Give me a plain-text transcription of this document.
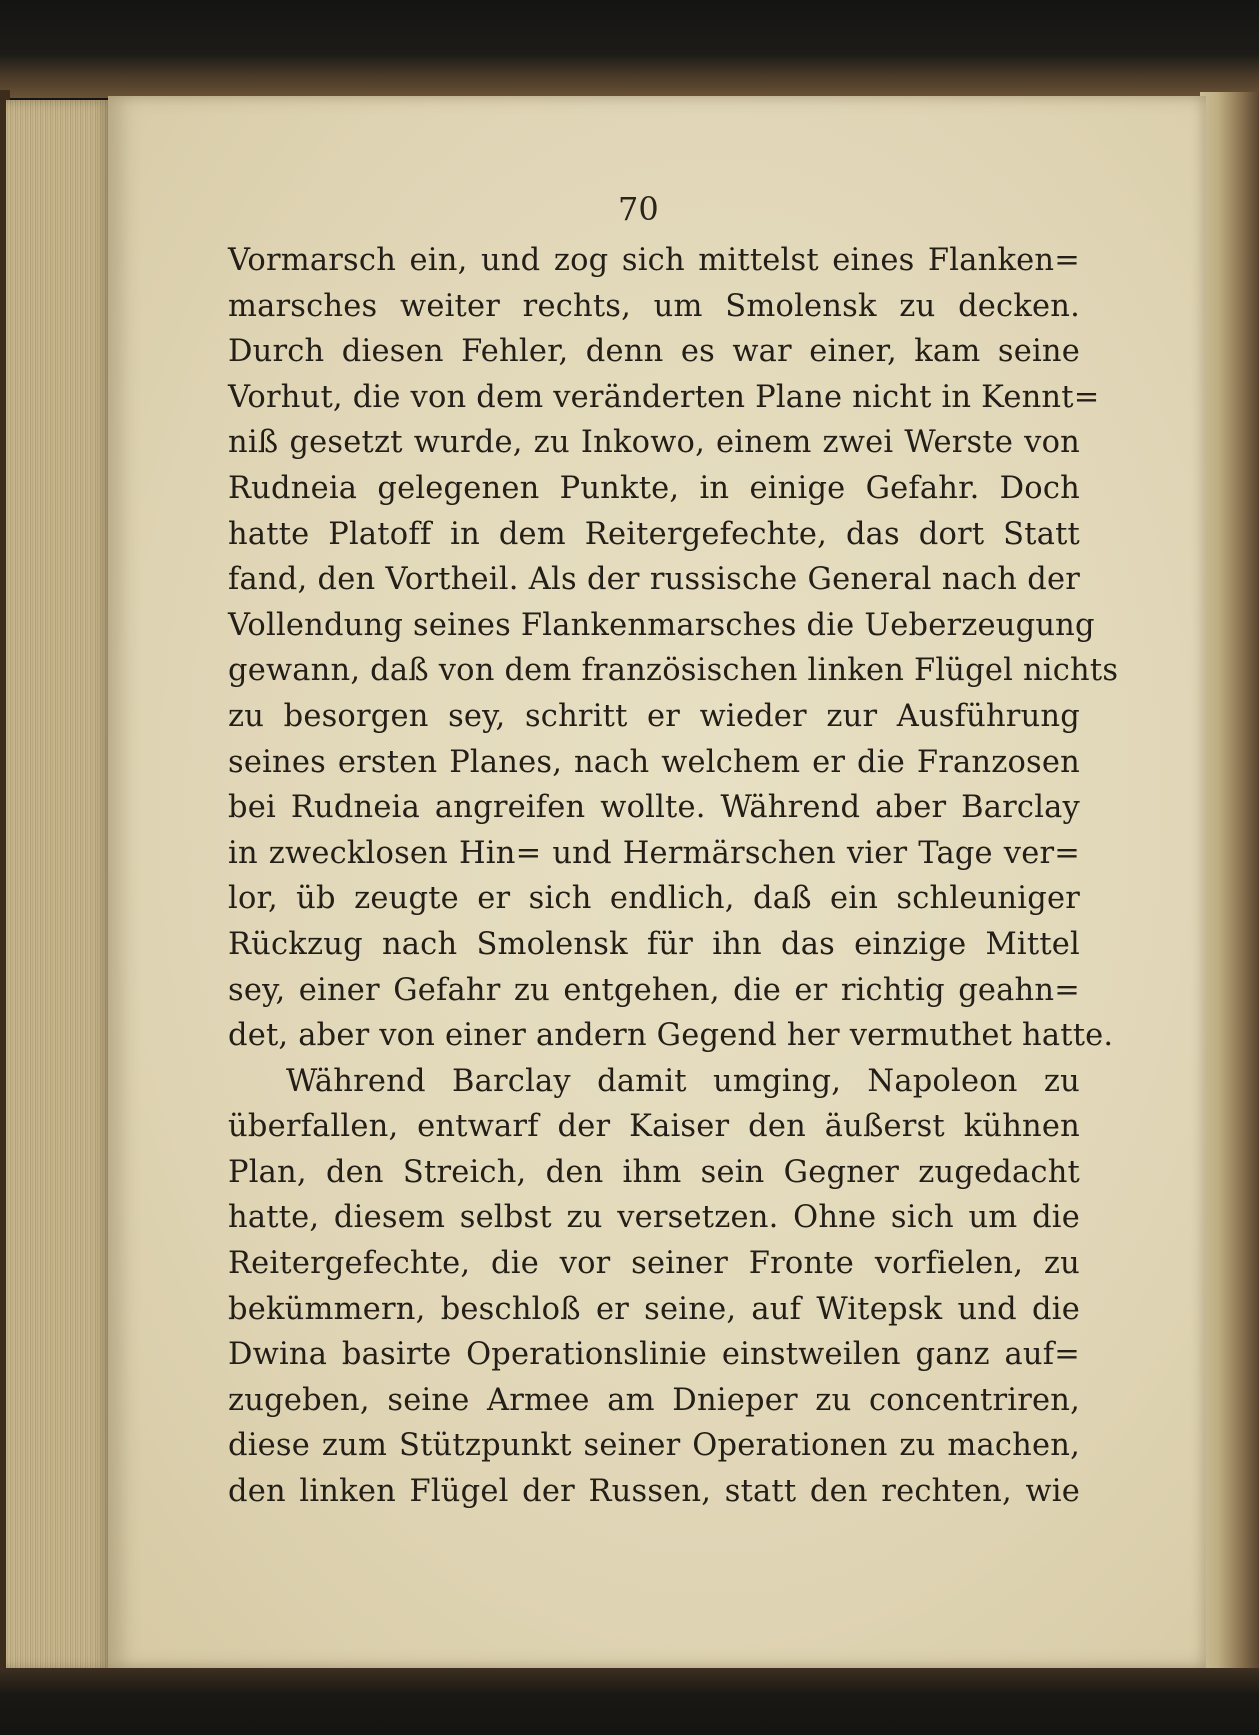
70
Vormarsch ein, und zog sich mittelst eines Flanken=
marsches weiter rechts, um Smolensk zu decken.
Durch diesen Fehler, denn es war einer, kam seine
Vorhut, die von dem veränderten Plane nicht in Kennt=
niß gesetzt wurde, zu Inkowo, einem zwei Werste von
Rudneia gelegenen Punkte, in einige Gefahr. Doch
hatte Platoff in dem Reitergefechte, das dort Statt
fand, den Vortheil. Als der russische General nach der
Vollendung seines Flankenmarsches die Ueberzeugung
gewann, daß von dem französischen linken Flügel nichts
zu besorgen sey, schritt er wieder zur Ausführung
seines ersten Planes, nach welchem er die Franzosen
bei Rudneia angreifen wollte. Während aber Barclay
in zwecklosen Hin= und Hermärschen vier Tage ver=
lor, üb zeugte er sich endlich, daß ein schleuniger
Rückzug nach Smolensk für ihn das einzige Mittel
sey, einer Gefahr zu entgehen, die er richtig geahn=
det, aber von einer andern Gegend her vermuthet hatte.
Während Barclay damit umging, Napoleon zu
überfallen, entwarf der Kaiser den äußerst kühnen
Plan, den Streich, den ihm sein Gegner zugedacht
hatte, diesem selbst zu versetzen. Ohne sich um die
Reitergefechte, die vor seiner Fronte vorfielen, zu
bekümmern, beschloß er seine, auf Witepsk und die
Dwina basirte Operationslinie einstweilen ganz auf=
zugeben, seine Armee am Dnieper zu concentriren,
diese zum Stützpunkt seiner Operationen zu machen,
den linken Flügel der Russen, statt den rechten, wie
